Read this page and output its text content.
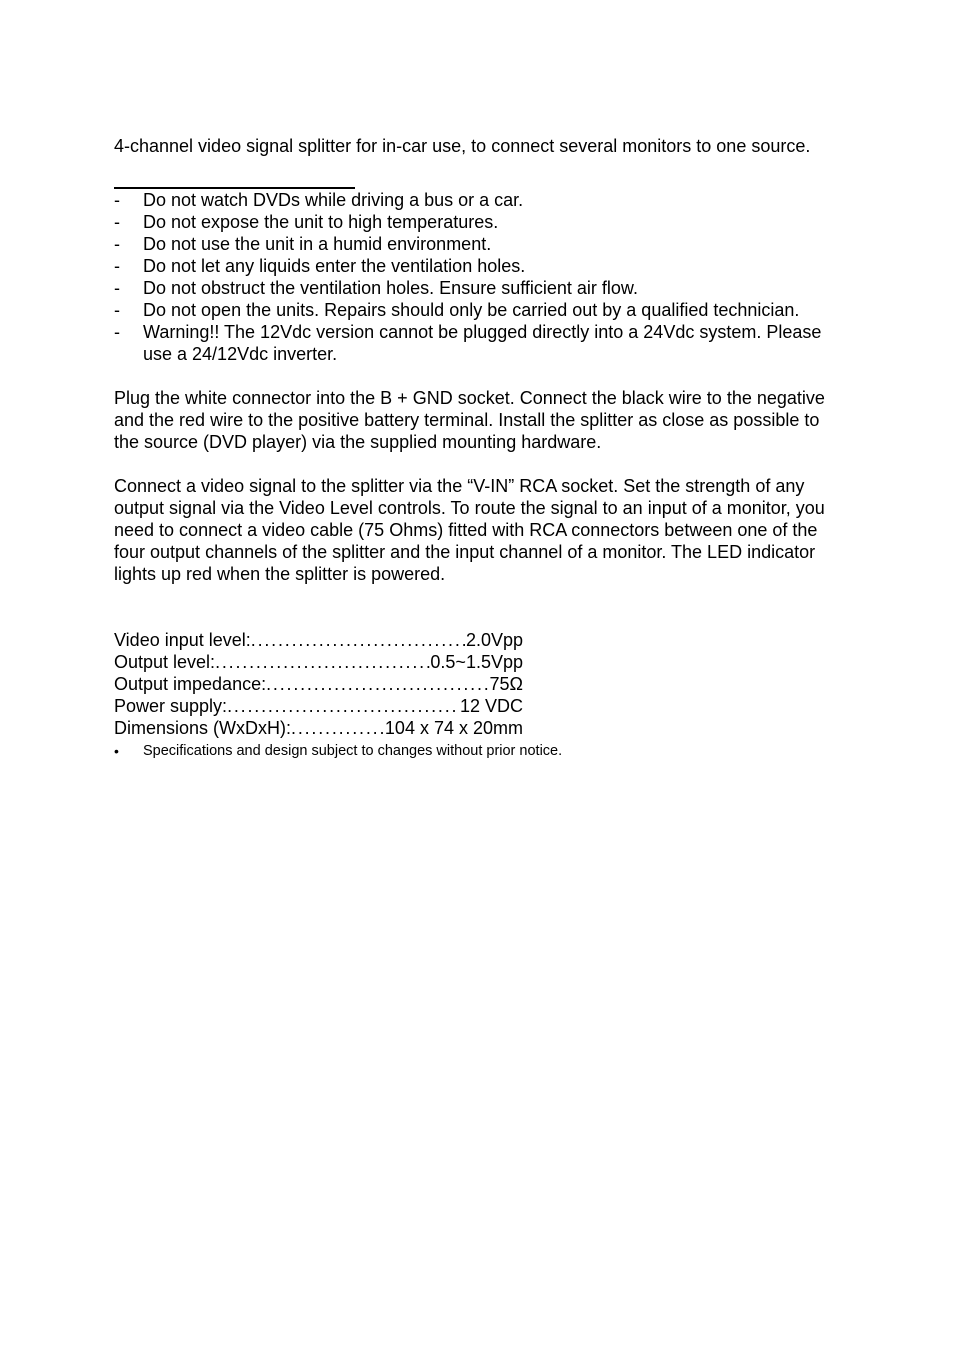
4-channel video signal splitter for in-car use, to connect several monitors to one source.

- Do not watch DVDs while driving a bus or a car.
- Do not expose the unit to high temperatures.
- Do not use the unit in a humid environment.
- Do not let any liquids enter the ventilation holes.
- Do not obstruct the ventilation holes. Ensure sufficient air flow.
- Do not open the units. Repairs should only be carried out by a qualified technician.
- Warning!! The 12Vdc version cannot be plugged directly into a 24Vdc system. Please use a 24/12Vdc inverter.

Plug the white connector into the B + GND socket. Connect the black wire to the negative and the red wire to the positive battery terminal. Install the splitter as close as possible to the source (DVD player) via the supplied mounting hardware.

Connect a video signal to the splitter via the “V-IN” RCA socket. Set the strength of any output signal via the Video Level controls. To route the signal to an input of a monitor, you need to connect a video cable (75 Ohms) fitted with RCA connectors between one of the four output channels of the splitter and the input channel of a monitor. The LED indicator lights up red when the splitter is powered.

Video input level: . . .	2.0Vpp
Output level: . . .	0.5~1.5Vpp
Output impedance: . . .	75Ω
Power supply: . . .	12 VDC
Dimensions (WxDxH): . . .	104 x 74 x 20mm

• Specifications and design subject to changes without prior notice.
